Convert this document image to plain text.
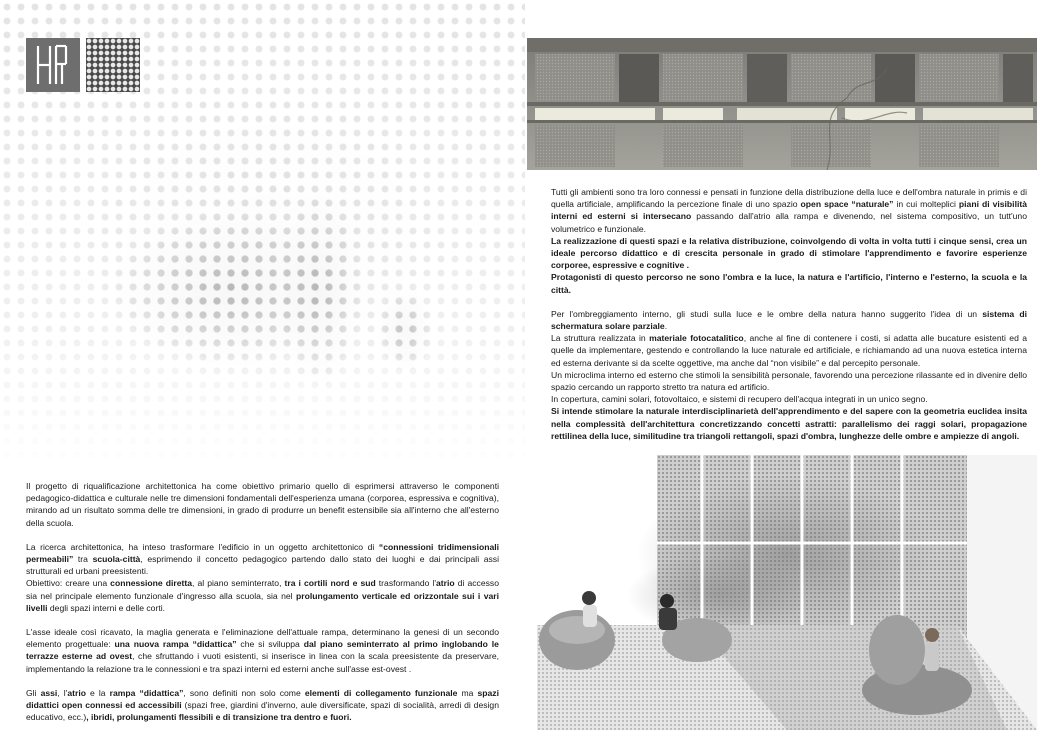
Tutti gli ambienti sono tra loro connessi e pensati in funzione della distribuzione della luce e dell'ombra naturale in primis e di quella artificiale, amplificando la percezione finale di uno spazio open space “naturale” in cui molteplici piani di visibilità interni ed esterni si intersecano passando dall'atrio alla rampa e divenendo, nel sistema compositivo, un tutt'uno volumetrico e funzionale.

La realizzazione di questi spazi e la relativa distribuzione, coinvolgendo di volta in volta tutti i cinque sensi, crea un ideale percorso didattico e di crescita personale in grado di stimolare l'apprendimento e favorire esperienze corporee, espressive e cognitive .

Protagonisti di questo percorso ne sono l'ombra e la luce, la natura e l'artificio, l'interno e l'esterno, la scuola e la città.

Per l'ombreggiamento interno, gli studi sulla luce e le ombre della natura hanno suggerito l'idea di un sistema di schermatura solare parziale.

La struttura realizzata in materiale fotocatalitico, anche al fine di contenere i costi, si adatta alle bucature esistenti ed a quelle da implementare, gestendo e controllando la luce naturale ed artificiale, e richiamando ad una nuova estetica interna ed esterna derivante si da scelte oggettive, ma anche dal “non visibile” e dal percepito personale.

Un microclima interno ed esterno che stimoli la sensibilità personale, favorendo una percezione rilassante ed in divenire dello spazio cercando un rapporto stretto tra natura ed artificio.

In copertura, camini solari, fotovoltaico, e sistemi di recupero dell'acqua integrati in un unico segno.

Si intende stimolare la naturale interdisciplinarietà dell'apprendimento e del sapere con la geometria euclidea insita nella complessità dell'architettura concretizzando concetti astratti: parallelismo dei raggi solari, propagazione rettilinea della luce, similitudine tra triangoli rettangoli, spazi d'ombra, lunghezze delle ombre e ampiezze di angoli.

Il progetto di riqualificazione architettonica ha come obiettivo primario quello di esprimersi attraverso le componenti pedagogico-didattica e culturale nelle tre dimensioni fondamentali dell'esperienza umana (corporea, espressiva e cognitiva), mirando ad un risultato somma delle tre dimensioni, in grado di produrre un benefit estensibile sia all'interno che all'esterno della scuola.

La ricerca architettonica, ha inteso trasformare l'edificio in un oggetto architettonico di “connessioni tridimensionali permeabili” tra scuola-città, esprimendo il concetto pedagogico partendo dallo stato dei luoghi e dai principali assi strutturali ed urbani preesistenti.

Obiettivo: creare una connessione diretta, al piano seminterrato, tra i cortili nord e sud trasformando l'atrio di accesso sia nel principale elemento funzionale d'ingresso alla scuola, sia nel prolungamento verticale ed orizzontale sui i vari livelli degli spazi interni e delle corti.

L'asse ideale così ricavato, la maglia generata e l'eliminazione dell'attuale rampa, determinano la genesi di un secondo elemento progettuale: una nuova rampa “didattica” che si sviluppa dal piano seminterrato al primo inglobando le terrazze esterne ad ovest, che sfruttando i vuoti esistenti, si inserisce in linea con la scala preesistente da preservare, implementando la relazione tra le connessioni e tra spazi interni ed esterni anche sull'asse est-ovest .

Gli assi, l'atrio e la rampa “didattica”, sono definiti non solo come elementi di collegamento funzionale ma spazi didattici open connessi ed accessibili (spazi free, giardini d'inverno, aule diversificate, spazi di socialità, arredi di design educativo, ecc.), ibridi, prolungamenti flessibili e di transizione tra dentro e fuori.
